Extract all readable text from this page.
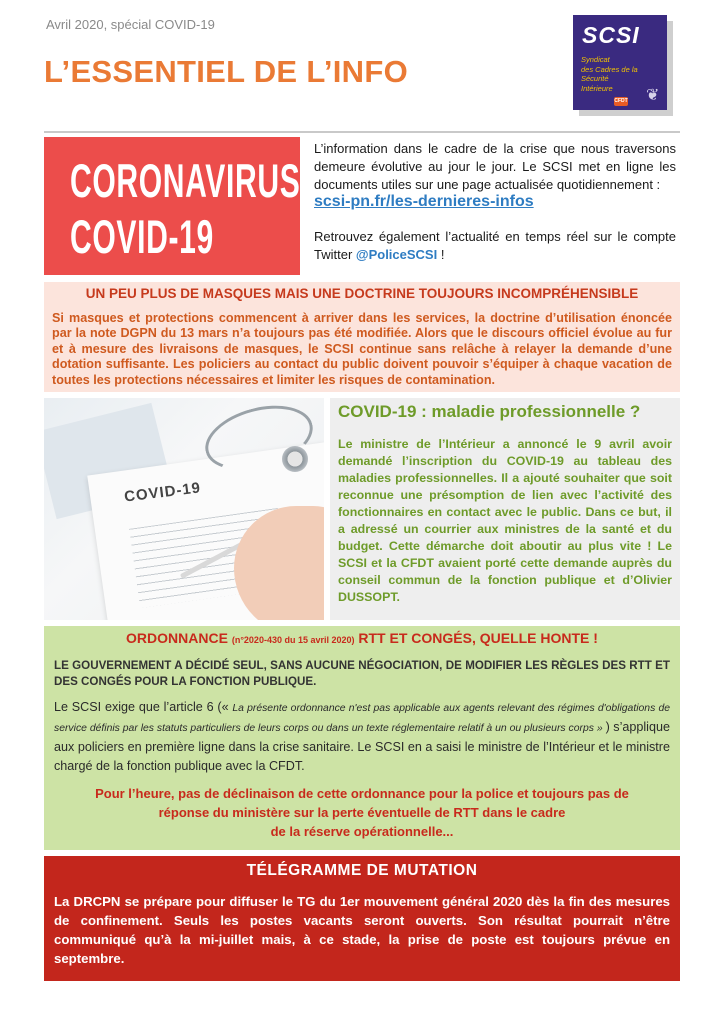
Avril 2020, spécial COVID-19
L’ESSENTIEL DE L’INFO
SCSI
Syndicat
des Cadres de la
Sécurité
Intérieure	❦
CFDT
CORONAVIRUS
COVID-19
L’information dans le cadre de la crise que nous traversons demeure évolutive au jour le jour. Le SCSI met en ligne les documents utiles sur une page actualisée quotidiennement :
scsi-pn.fr/les-dernieres-infos
Retrouvez également l’actualité en temps réel sur le compte Twitter @PoliceSCSI !
UN PEU PLUS DE MASQUES MAIS UNE DOCTRINE TOUJOURS INCOMPRÉHENSIBLE
Si masques et protections commencent à arriver dans les services, la doctrine d’utilisation énoncée par la note DGPN du 13 mars n’a toujours pas été modifiée. Alors que le discours officiel évolue au fur et à mesure des livraisons de masques, le SCSI continue sans relâche à relayer la demande d’une dotation suffisante. Les policiers au contact du public doivent pouvoir s’équiper à chaque vacation de toutes les protections nécessaires et limiter les risques de contamination.
COVID-19
COVID-19 : maladie professionnelle ?
Le ministre de l’Intérieur a annoncé le 9 avril avoir demandé l’inscription du COVID-19 au tableau des maladies professionnelles. Il a ajouté souhaiter que soit reconnue une présomption de lien avec l’activité des fonctionnaires en contact avec le public. Dans ce but, il a adressé un courrier aux ministres de la santé et du budget. Cette démarche doit aboutir au plus vite ! Le SCSI et la CFDT avaient porté cette demande auprès du conseil commun de la fonction publique et d’Olivier DUSSOPT.
ORDONNANCE (n°2020-430 du 15 avril 2020) RTT ET CONGÉS, QUELLE HONTE !
LE GOUVERNEMENT A DÉCIDÉ SEUL, SANS AUCUNE NÉGOCIATION, DE MODIFIER LES RÈGLES DES RTT ET DES CONGÉS POUR LA FONCTION PUBLIQUE.
Le SCSI exige que l’article 6 (« La présente ordonnance n'est pas applicable aux agents relevant des régimes d'obligations de service définis par les statuts particuliers de leurs corps ou dans un texte réglementaire relatif à un ou plusieurs corps » ) s’applique aux policiers en première ligne dans la crise sanitaire. Le SCSI en a saisi le ministre de l’Intérieur et le ministre chargé de la fonction publique avec la CFDT.
Pour l’heure, pas de déclinaison de cette ordonnance pour la police et toujours pas de
réponse du ministère sur la perte éventuelle de RTT dans le cadre
de la réserve opérationnelle...
TÉLÉGRAMME DE MUTATION
La DRCPN se prépare pour diffuser le TG du 1er mouvement général 2020 dès la fin des mesures de confinement. Seuls les postes vacants seront ouverts. Son résultat pourrait n’être communiqué qu’à la mi-juillet mais, à ce stade, la prise de poste est toujours prévue en septembre.
